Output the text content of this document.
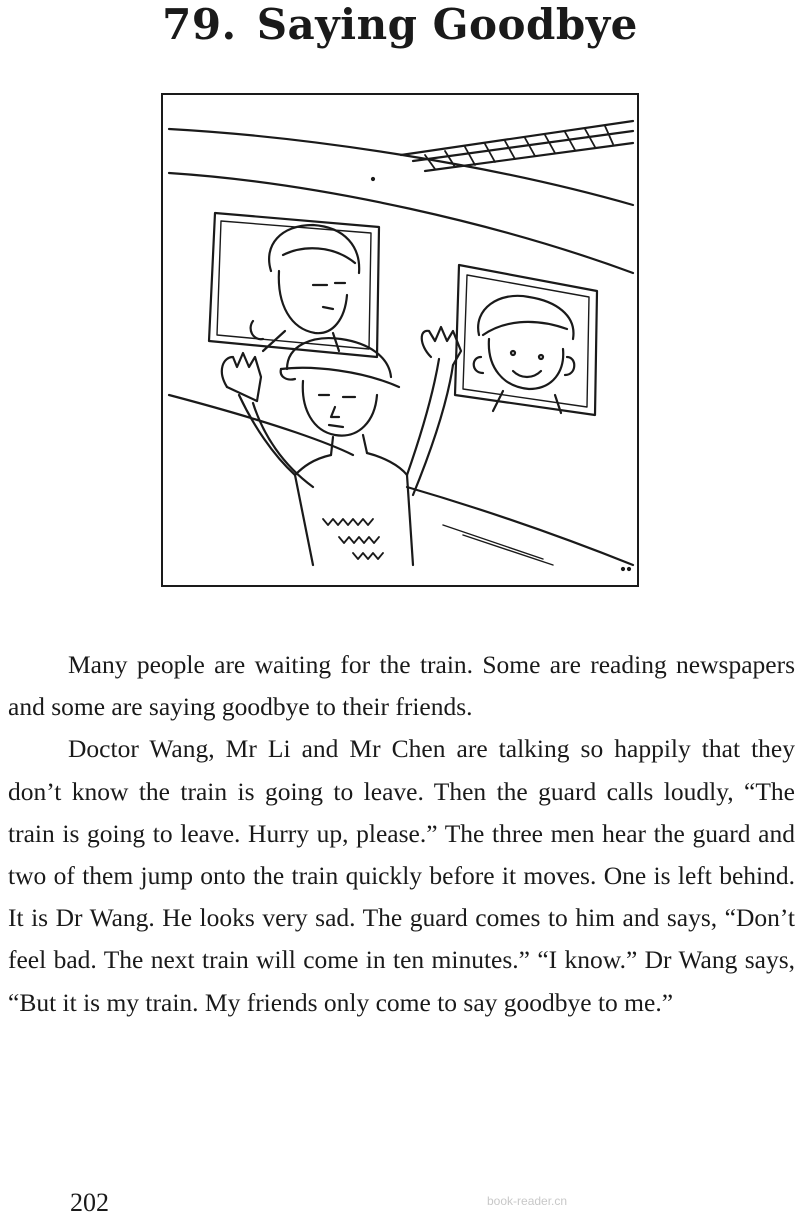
79. Saying Goodbye

Many people are waiting for the train. Some are reading newspapers and some are saying goodbye to their friends.

Doctor Wang, Mr Li and Mr Chen are talking so happily that they don’t know the train is going to leave. Then the guard calls loudly, “The train is going to leave. Hurry up, please.” The three men hear the guard and two of them jump onto the train quickly before it moves. One is left behind. It is Dr Wang. He looks very sad. The guard comes to him and says, “Don’t feel bad. The next train will come in ten minutes.” “I know.” Dr Wang says, “But it is my train. My friends only come to say goodbye to me.”

202	book-reader.cn
